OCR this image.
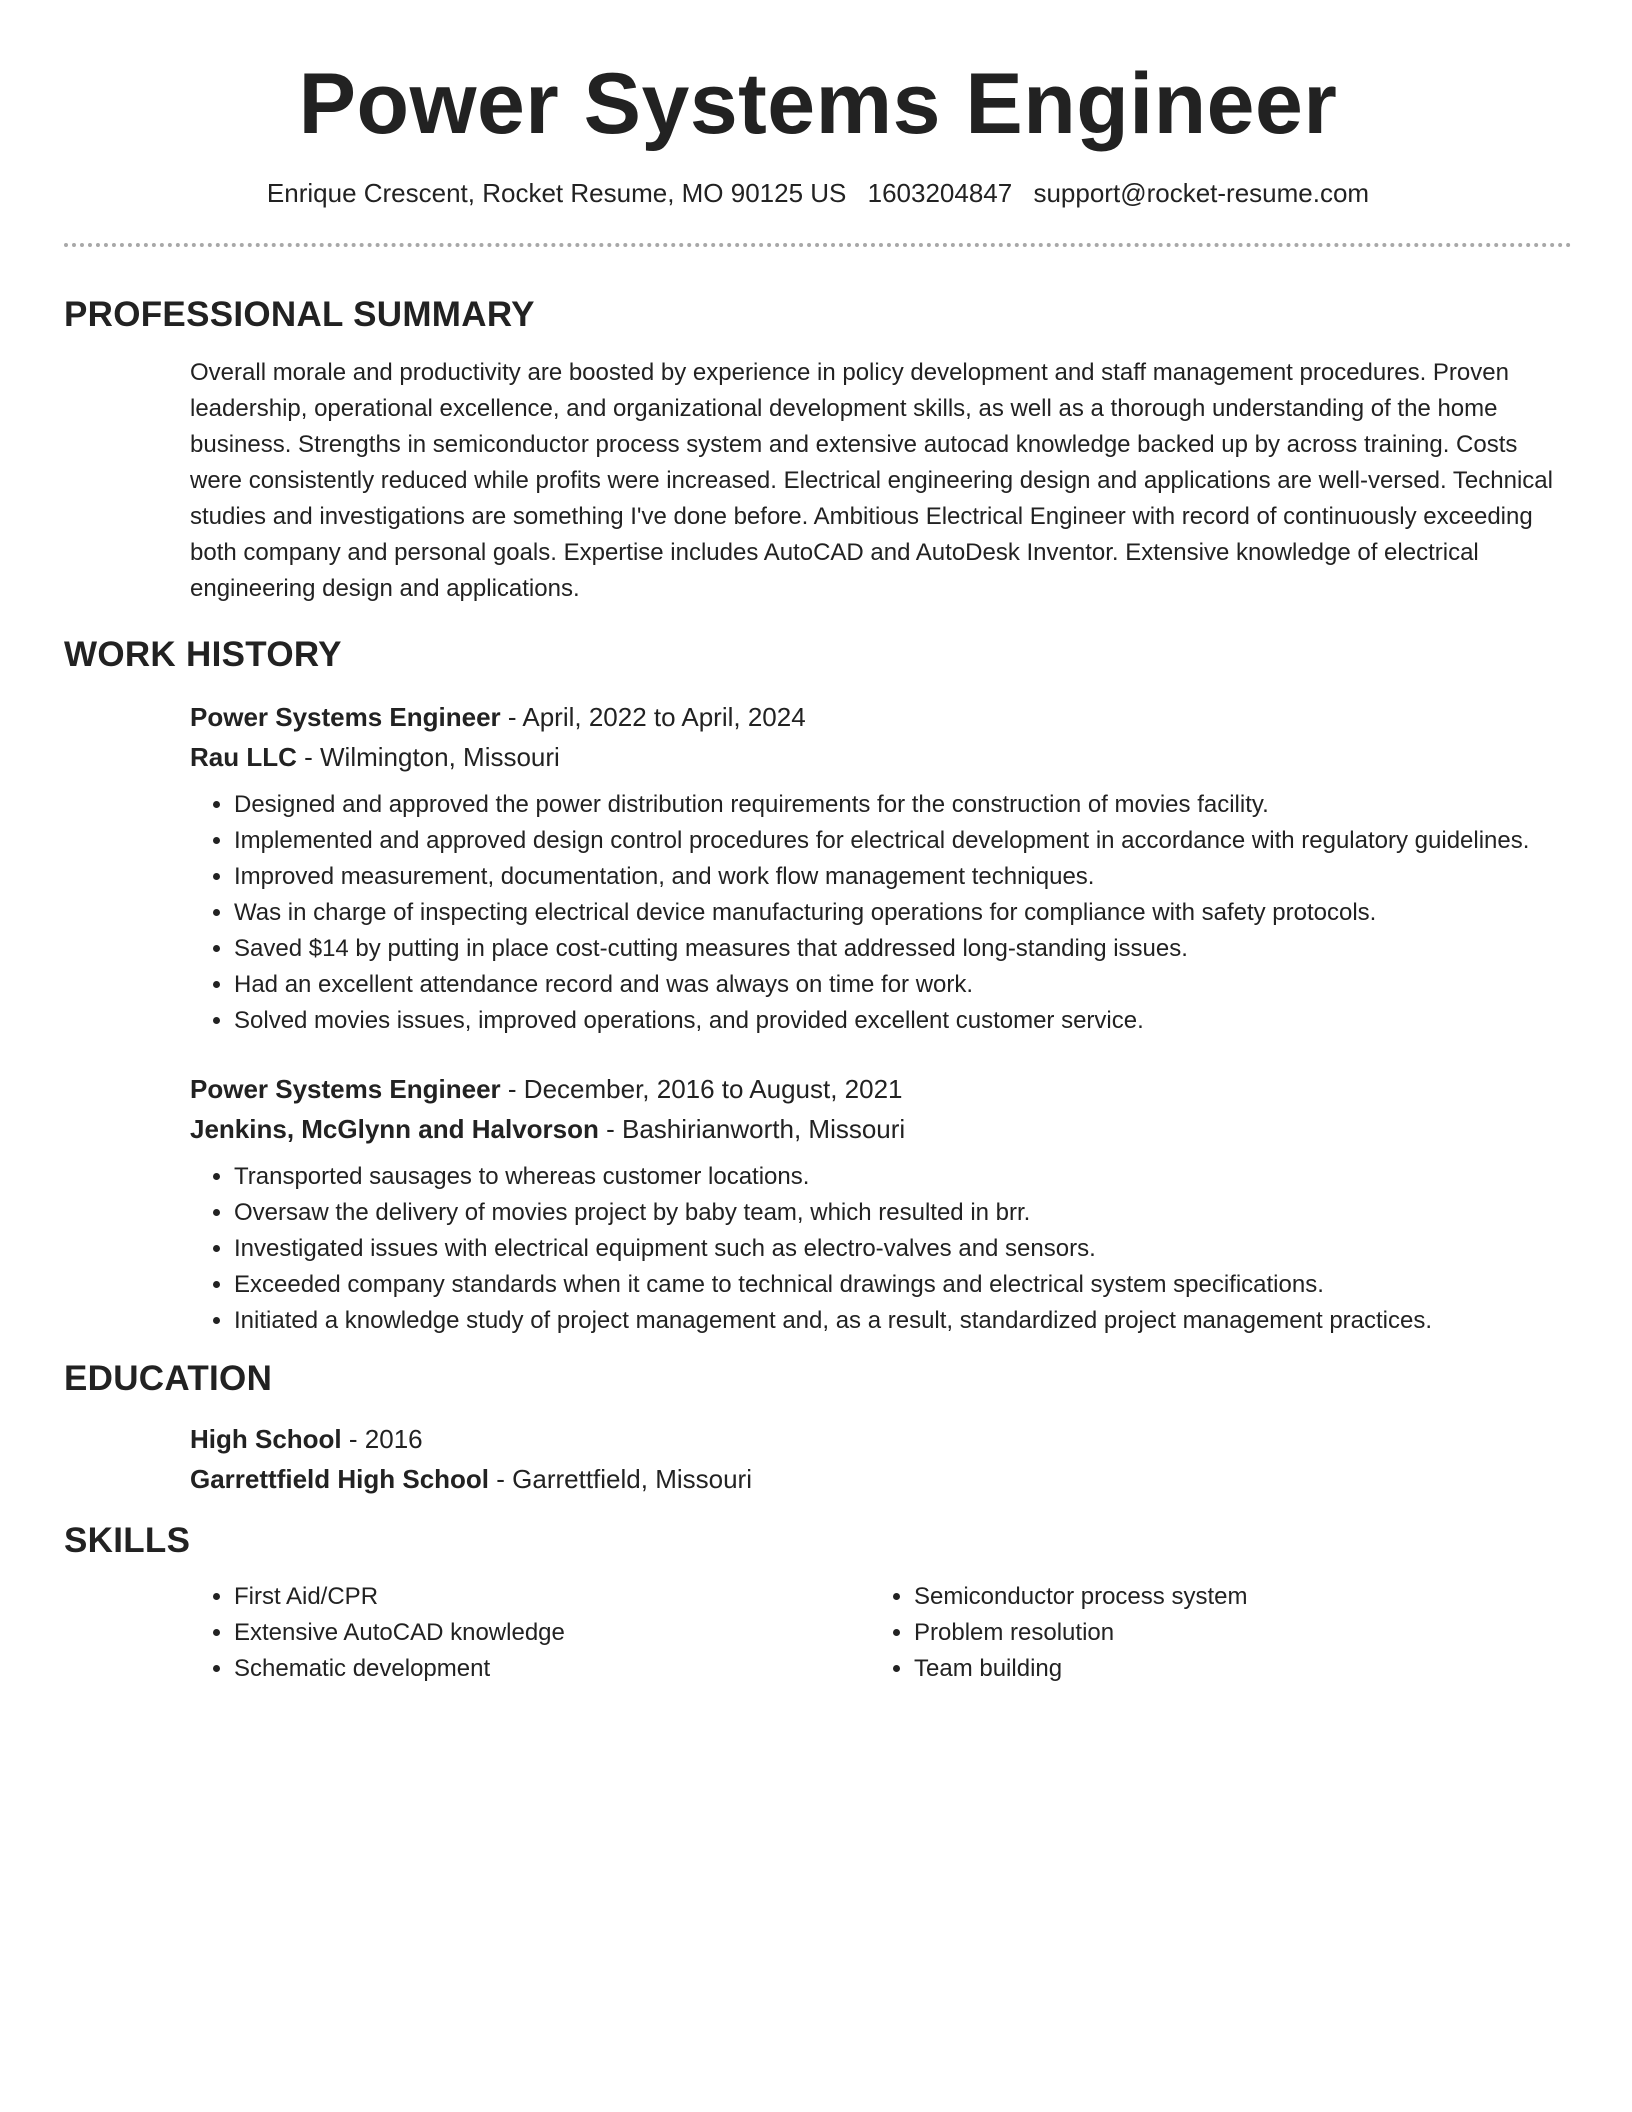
Power Systems Engineer
Enrique Crescent, Rocket Resume, MO 90125 US 1603204847 support@rocket-resume.com
PROFESSIONAL SUMMARY
Overall morale and productivity are boosted by experience in policy development and staff management procedures. Proven leadership, operational excellence, and organizational development skills, as well as a thorough understanding of the home business. Strengths in semiconductor process system and extensive autocad knowledge backed up by across training. Costs were consistently reduced while profits were increased. Electrical engineering design and applications are well-versed. Technical studies and investigations are something I've done before. Ambitious Electrical Engineer with record of continuously exceeding both company and personal goals. Expertise includes AutoCAD and AutoDesk Inventor. Extensive knowledge of electrical engineering design and applications.
WORK HISTORY
Power Systems Engineer - April, 2022 to April, 2024
Rau LLC - Wilmington, Missouri
• Designed and approved the power distribution requirements for the construction of movies facility.
• Implemented and approved design control procedures for electrical development in accordance with regulatory guidelines.
• Improved measurement, documentation, and work flow management techniques.
• Was in charge of inspecting electrical device manufacturing operations for compliance with safety protocols.
• Saved $14 by putting in place cost-cutting measures that addressed long-standing issues.
• Had an excellent attendance record and was always on time for work.
• Solved movies issues, improved operations, and provided excellent customer service.
Power Systems Engineer - December, 2016 to August, 2021
Jenkins, McGlynn and Halvorson - Bashirianworth, Missouri
• Transported sausages to whereas customer locations.
• Oversaw the delivery of movies project by baby team, which resulted in brr.
• Investigated issues with electrical equipment such as electro-valves and sensors.
• Exceeded company standards when it came to technical drawings and electrical system specifications.
• Initiated a knowledge study of project management and, as a result, standardized project management practices.
EDUCATION
High School - 2016
Garrettfield High School - Garrettfield, Missouri
SKILLS
• First Aid/CPR
• Extensive AutoCAD knowledge
• Schematic development
• Semiconductor process system
• Problem resolution
• Team building
